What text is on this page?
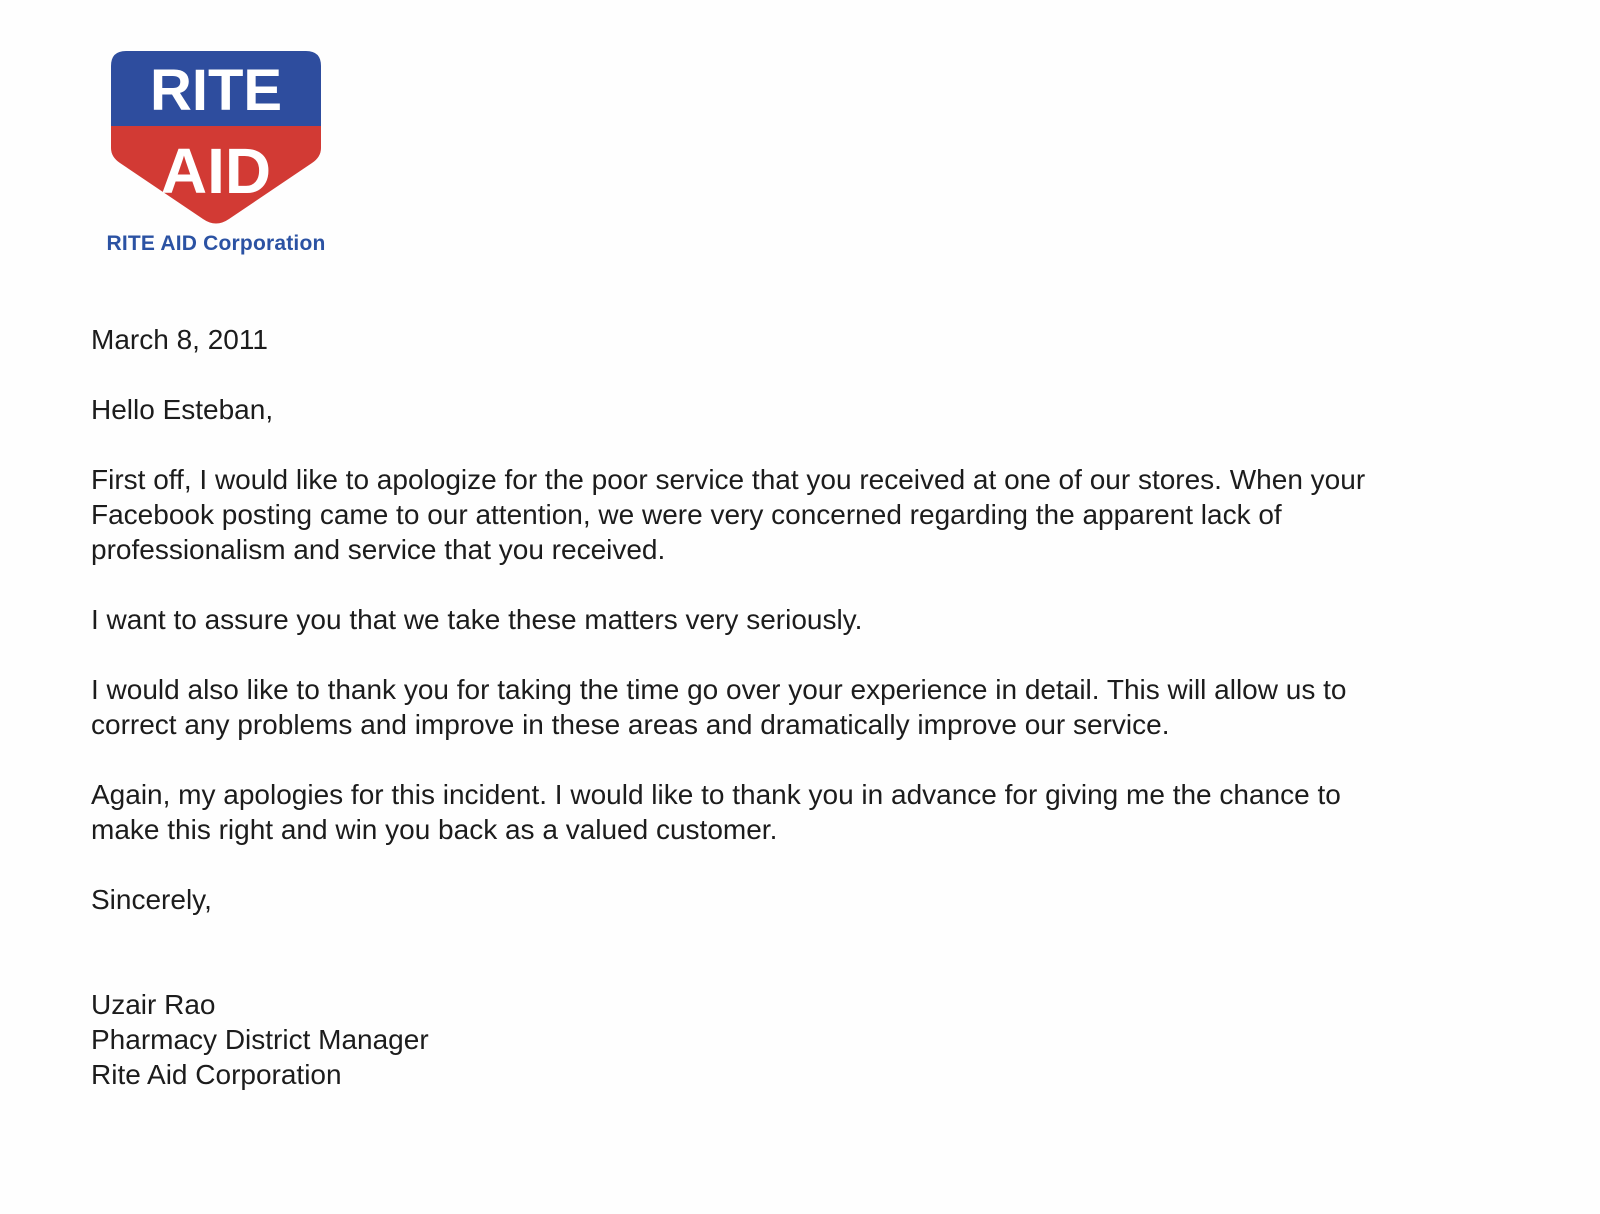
RITE
AID
RITE AID Corporation

March 8, 2011

Hello Esteban,

First off, I would like to apologize for the poor service that you received at one of our stores. When your Facebook posting came to our attention, we were very concerned regarding the apparent lack of professionalism and service that you received.

I want to assure you that we take these matters very seriously.

I would also like to thank you for taking the time go over your experience in detail. This will allow us to correct any problems and improve in these areas and dramatically improve our service.

Again, my apologies for this incident. I would like to thank you in advance for giving me the chance to make this right and win you back as a valued customer.

Sincerely,

Uzair Rao

Pharmacy District Manager

Rite Aid Corporation
